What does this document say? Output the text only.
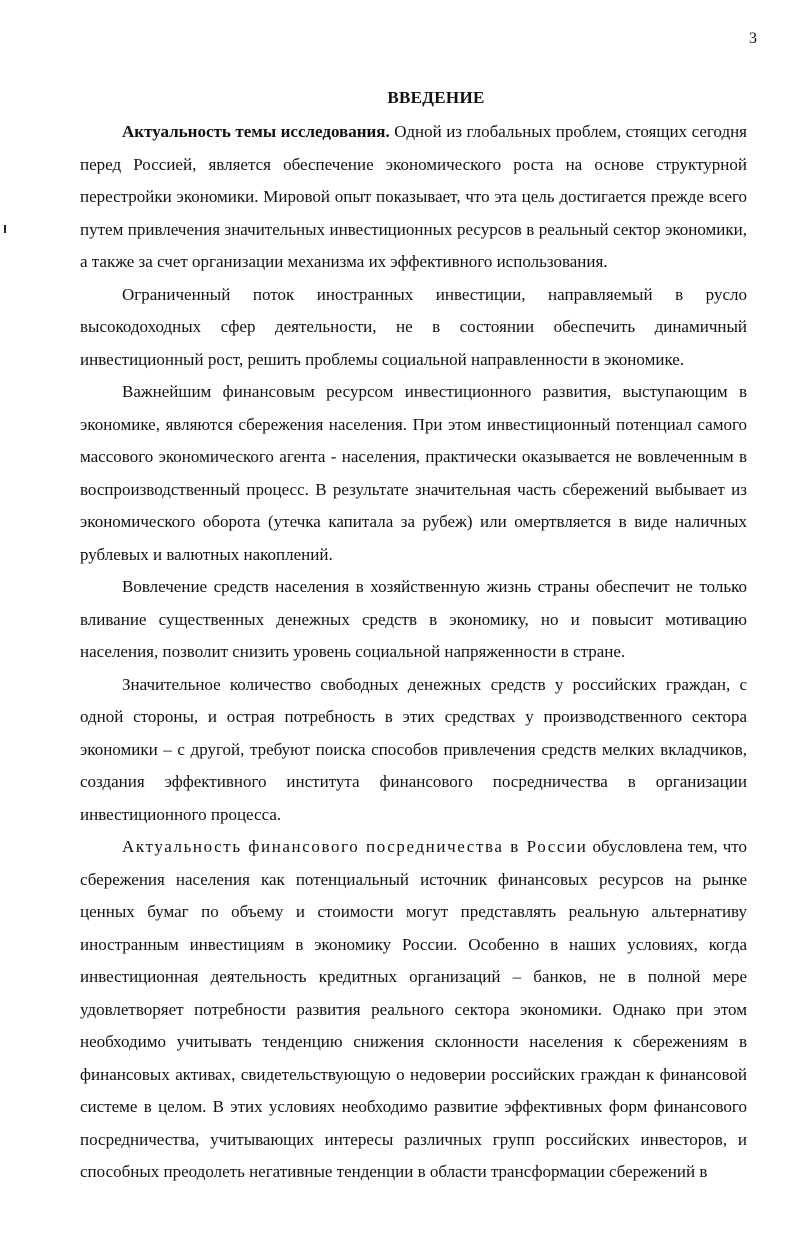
3
ВВЕДЕНИЕ

Актуальность темы исследования. Одной из глобальных проблем, стоящих сегодня перед Россией, является обеспечение экономического роста на основе структурной перестройки экономики. Мировой опыт показывает, что эта цель достигается прежде всего путем привлечения значительных инвестиционных ресурсов в реальный сектор экономики, а также за счет организации механизма их эффективного использования.

Ограниченный поток иностранных инвестиции, направляемый в русло высокодоходных сфер деятельности, не в состоянии обеспечить динамичный инвестиционный рост, решить проблемы социальной направленности в экономике.

Важнейшим финансовым ресурсом инвестиционного развития, выступающим в экономике, являются сбережения населения. При этом инвестиционный потенциал самого массового экономического агента - населения, практически оказывается не вовлеченным в воспроизводственный процесс. В результате значительная часть сбережений выбывает из экономического оборота (утечка капитала за рубеж) или омертвляется в виде наличных рублевых и валютных накоплений.

Вовлечение средств населения в хозяйственную жизнь страны обеспечит не только вливание существенных денежных средств в экономику, но и повысит мотивацию населения, позволит снизить уровень социальной напряженности в стране.

Значительное количество свободных денежных средств у российских граждан, с одной стороны, и острая потребность в этих средствах у производственного сектора экономики – с другой, требуют поиска способов привлечения средств мелких вкладчиков, создания эффективного института финансового посредничества в организации инвестиционного процесса.

Актуальность финансового посредничества в России обусловлена тем, что сбережения населения как потенциальный источник финансовых ресурсов на рынке ценных бумаг по объему и стоимости могут представлять реальную альтернативу иностранным инвестициям в экономику России. Особенно в наших условиях, когда инвестиционная деятельность кредитных организаций – банков, не в полной мере удовлетворяет потребности развития реального сектора экономики. Однако при этом необходимо учитывать тенденцию снижения склонности населения к сбережениям в финансовых активах, свидетельствующую о недоверии российских граждан к финансовой системе в целом. В этих условиях необходимо развитие эффективных форм финансового посредничества, учитывающих интересы различных групп российских инвесторов, и способных преодолеть негативные тенденции в области трансформации сбережений в
